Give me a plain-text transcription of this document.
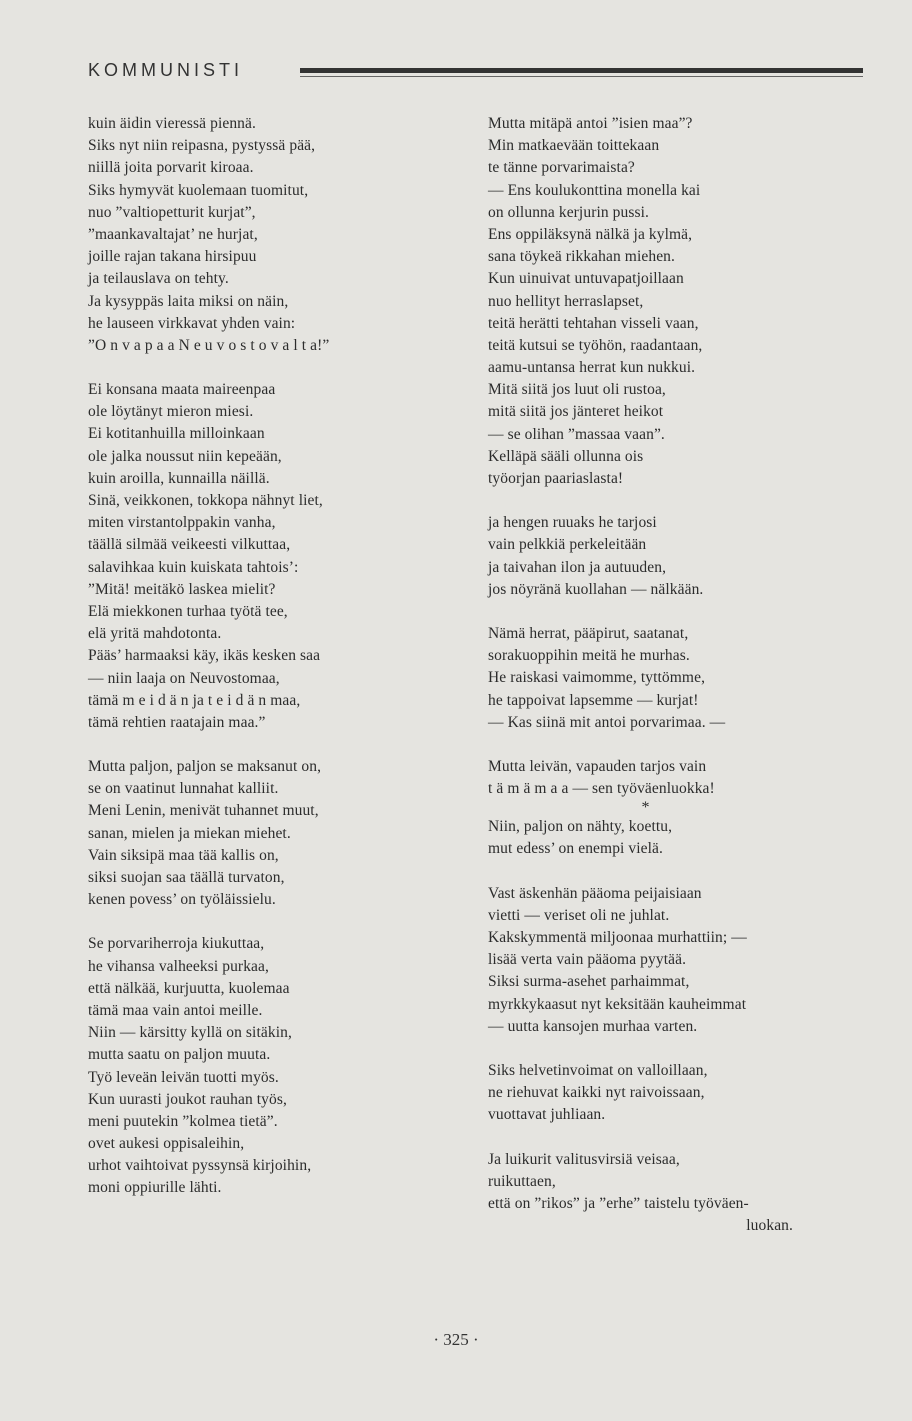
KOMMUNISTI
kuin äidin vieressä piennä.
Siks nyt niin reipasna, pystyssä pää,
niillä joita porvarit kiroaa.
Siks hymyvät kuolemaan tuomitut,
nuo ”valtiopetturit kurjat”,
”maankavaltajat’ ne hurjat,
joille rajan takana hirsipuu
ja teilauslava on tehty.
Ja kysyppäs laita miksi on näin,
he lauseen virkkavat yhden vain:
”O n v a p a a N e u v o s t o v a l t a!”
Ei konsana maata maireenpaa
ole löytänyt mieron miesi.
Ei kotitanhuilla milloinkaan
ole jalka noussut niin kepeään,
kuin aroilla, kunnailla näillä.
Sinä, veikkonen, tokkopa nähnyt liet,
miten virstantolppakin vanha,
täällä silmää veikeesti vilkuttaa,
salavihkaa kuin kuiskata tahtois’:
”Mitä! meitäkö laskea mielit?
Elä miekkonen turhaa työtä tee,
elä yritä mahdotonta.
Pääs’ harmaaksi käy, ikäs kesken saa
— niin laaja on Neuvostomaa,
tämä m e i d ä n ja t e i d ä n maa,
tämä rehtien raatajain maa.”
Mutta paljon, paljon se maksanut on,
se on vaatinut lunnahat kalliit.
Meni Lenin, menivät tuhannet muut,
sanan, mielen ja miekan miehet.
Vain siksipä maa tää kallis on,
siksi suojan saa täällä turvaton,
kenen povess’ on työläissielu.
Se porvariherroja kiukuttaa,
he vihansa valheeksi purkaa,
että nälkää, kurjuutta, kuolemaa
tämä maa vain antoi meille.
Niin — kärsitty kyllä on sitäkin,
mutta saatu on paljon muuta.
Työ leveän leivän tuotti myös.
Kun uurasti joukot rauhan työs,
meni puutekin ”kolmea tietä”.
ovet aukesi oppisaleihin,
urhot vaihtoivat pyssynsä kirjoihin,
moni oppiurille lähti.
Mutta mitäpä antoi ”isien maa”?
Min matkaevään toittekaan
te tänne porvarimaista?
— Ens koulukonttina monella kai
on ollunna kerjurin pussi.
Ens oppiläksynä nälkä ja kylmä,
sana töykeä rikkahan miehen.
Kun uinuivat untuvapatjoillaan
nuo hellityt herraslapset,
teitä herätti tehtahan visseli vaan,
teitä kutsui se työhön, raadantaan,
aamu-untansa herrat kun nukkui.
Mitä siitä jos luut oli rustoa,
mitä siitä jos jänteret heikot
— se olihan ”massaa vaan”.
Kelläpä sääli ollunna ois
työorjan paariaslasta!
ja hengen ruuaks he tarjosi
vain pelkkiä perkeleitään
ja taivahan ilon ja autuuden,
jos nöyränä kuollahan — nälkään.
Nämä herrat, pääpirut, saatanat,
sorakuoppihin meitä he murhas.
He raiskasi vaimomme, tyttömme,
he tappoivat lapsemme — kurjat!
— Kas siinä mit antoi porvarimaa. —
Mutta leivän, vapauden tarjos vain
t ä m ä m a a — sen työväenluokka!
*
Niin, paljon on nähty, koettu,
mut edess’ on enempi vielä.
Vast äskenhän pääoma peijaisiaan
vietti — veriset oli ne juhlat.
Kakskymmentä miljoonaa murhattiin; —
lisää verta vain pääoma pyytää.
Siksi surma-asehet parhaimmat,
myrkkykaasut nyt keksitään kauheimmat
— uutta kansojen murhaa varten.
Siks helvetinvoimat on valloillaan,
ne riehuvat kaikki nyt raivoissaan,
vuottavat juhliaan.
Ja luikurit valitusvirsiä veisaa,
ruikuttaen,
että on ”rikos” ja ”erhe” taistelu työväen-
luokan.
· 325 ·
